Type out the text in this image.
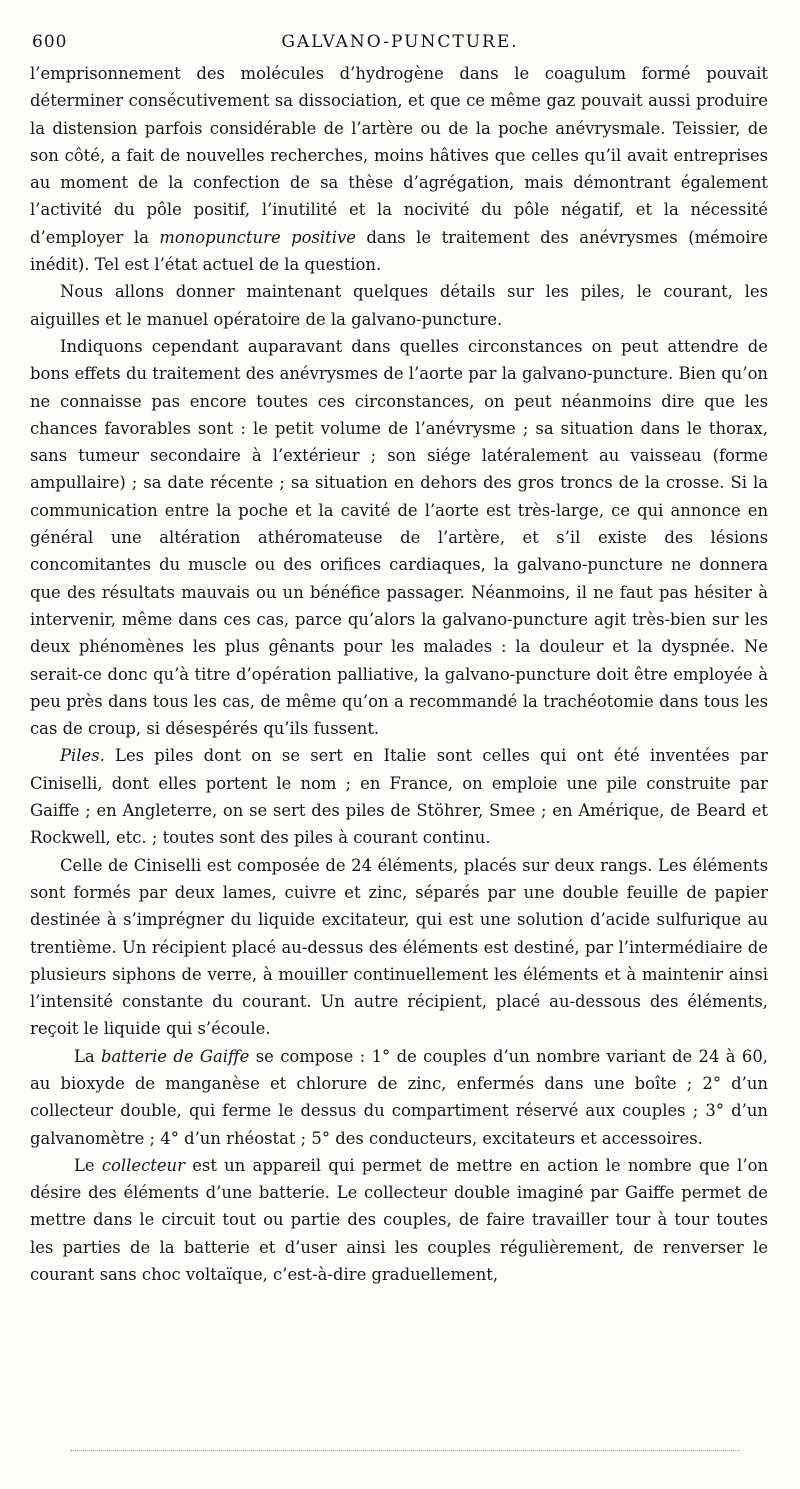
600	GALVANO-PUNCTURE.

l’emprisonnement des molécules d’hydrogène dans le coagulum formé pouvait déterminer consécutivement sa dissociation, et que ce même gaz pouvait aussi produire la distension parfois considérable de l’artère ou de la poche anévrysmale. Teissier, de son côté, a fait de nouvelles recherches, moins hâtives que celles qu’il avait entreprises au moment de la confection de sa thèse d’agrégation, mais démontrant également l’activité du pôle positif, l’inutilité et la nocivité du pôle négatif, et la nécessité d’employer la monopuncture positive dans le traitement des anévrysmes (mémoire inédit). Tel est l’état actuel de la question.

Nous allons donner maintenant quelques détails sur les piles, le courant, les aiguilles et le manuel opératoire de la galvano-puncture.

Indiquons cependant auparavant dans quelles circonstances on peut attendre de bons effets du traitement des anévrysmes de l’aorte par la galvano-puncture. Bien qu’on ne connaisse pas encore toutes ces circonstances, on peut néanmoins dire que les chances favorables sont : le petit volume de l’anévrysme ; sa situation dans le thorax, sans tumeur secondaire à l’extérieur ; son siége latéralement au vaisseau (forme ampullaire) ; sa date récente ; sa situation en dehors des gros troncs de la crosse. Si la communication entre la poche et la cavité de l’aorte est très-large, ce qui annonce en général une altération athéromateuse de l’artère, et s’il existe des lésions concomitantes du muscle ou des orifices cardiaques, la galvano-puncture ne donnera que des résultats mauvais ou un bénéfice passager. Néanmoins, il ne faut pas hésiter à intervenir, même dans ces cas, parce qu’alors la galvano-puncture agit très-bien sur les deux phénomènes les plus gênants pour les malades : la douleur et la dyspnée. Ne serait-ce donc qu’à titre d’opération palliative, la galvano-puncture doit être employée à peu près dans tous les cas, de même qu’on a recommandé la trachéotomie dans tous les cas de croup, si désespérés qu’ils fussent.

Piles. Les piles dont on se sert en Italie sont celles qui ont été inventées par Ciniselli, dont elles portent le nom ; en France, on emploie une pile construite par Gaiffe ; en Angleterre, on se sert des piles de Stöhrer, Smee ; en Amérique, de Beard et Rockwell, etc. ; toutes sont des piles à courant continu.

Celle de Ciniselli est composée de 24 éléments, placés sur deux rangs. Les éléments sont formés par deux lames, cuivre et zinc, séparés par une double feuille de papier destinée à s’imprégner du liquide excitateur, qui est une solution d’acide sulfurique au trentième. Un récipient placé au-dessus des éléments est destiné, par l’intermédiaire de plusieurs siphons de verre, à mouiller continuellement les éléments et à maintenir ainsi l’intensité constante du courant. Un autre récipient, placé au-dessous des éléments, reçoit le liquide qui s’écoule.

La batterie de Gaiffe se compose : 1° de couples d’un nombre variant de 24 à 60, au bioxyde de manganèse et chlorure de zinc, enfermés dans une boîte ; 2° d’un collecteur double, qui ferme le dessus du compartiment réservé aux couples ; 3° d’un galvanomètre ; 4° d’un rhéostat ; 5° des conducteurs, excitateurs et accessoires.

Le collecteur est un appareil qui permet de mettre en action le nombre que l’on désire des éléments d’une batterie. Le collecteur double imaginé par Gaiffe permet de mettre dans le circuit tout ou partie des couples, de faire travailler tour à tour toutes les parties de la batterie et d’user ainsi les couples régulièrement, de renverser le courant sans choc voltaïque, c’est-à-dire graduellement,
